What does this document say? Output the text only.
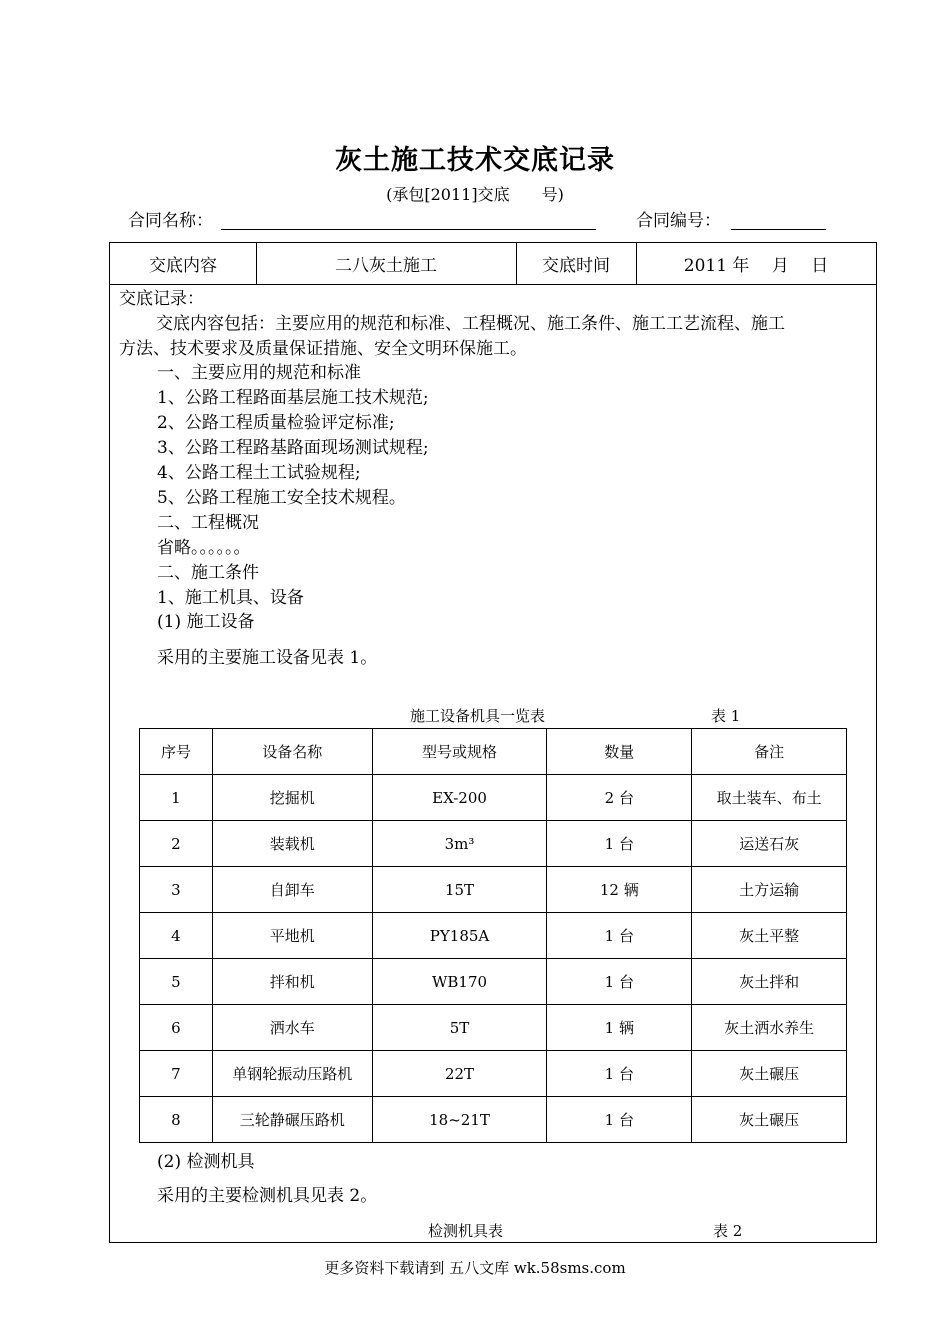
灰土施工技术交底记录
(承包[2011]交底　　号)
合同名称：	合同编号：
交底内容	二八灰土施工	交底时间	2011 年　 月　 日
交底记录：
交底内容包括：主要应用的规范和标准、工程概况、施工条件、施工工艺流程、施工
方法、技术要求及质量保证措施、安全文明环保施工。
一、主要应用的规范和标准
1、公路工程路面基层施工技术规范;
2、公路工程质量检验评定标准;
3、公路工程路基路面现场测试规程;
4、公路工程土工试验规程;
5、公路工程施工安全技术规程。
二、工程概况
省略。。。。。。
二、施工条件
1、施工机具、设备
(1) 施工设备
采用的主要施工设备见表 1。
施工设备机具一览表	表 1
序号	设备名称	型号或规格	数量	备注
1	挖掘机	EX-200	2 台	取土装车、布土
2	装载机	3m³	1 台	运送石灰
3	自卸车	15T	12 辆	土方运输
4	平地机	PY185A	1 台	灰土平整
5	拌和机	WB170	1 台	灰土拌和
6	洒水车	5T	1 辆	灰土洒水养生
7	单钢轮振动压路机	22T	1 台	灰土碾压
8	三轮静碾压路机	18~21T	1 台	灰土碾压
(2) 检测机具
采用的主要检测机具见表 2。
检测机具表	表 2
更多资料下载请到 五八文库 wk.58sms.com
